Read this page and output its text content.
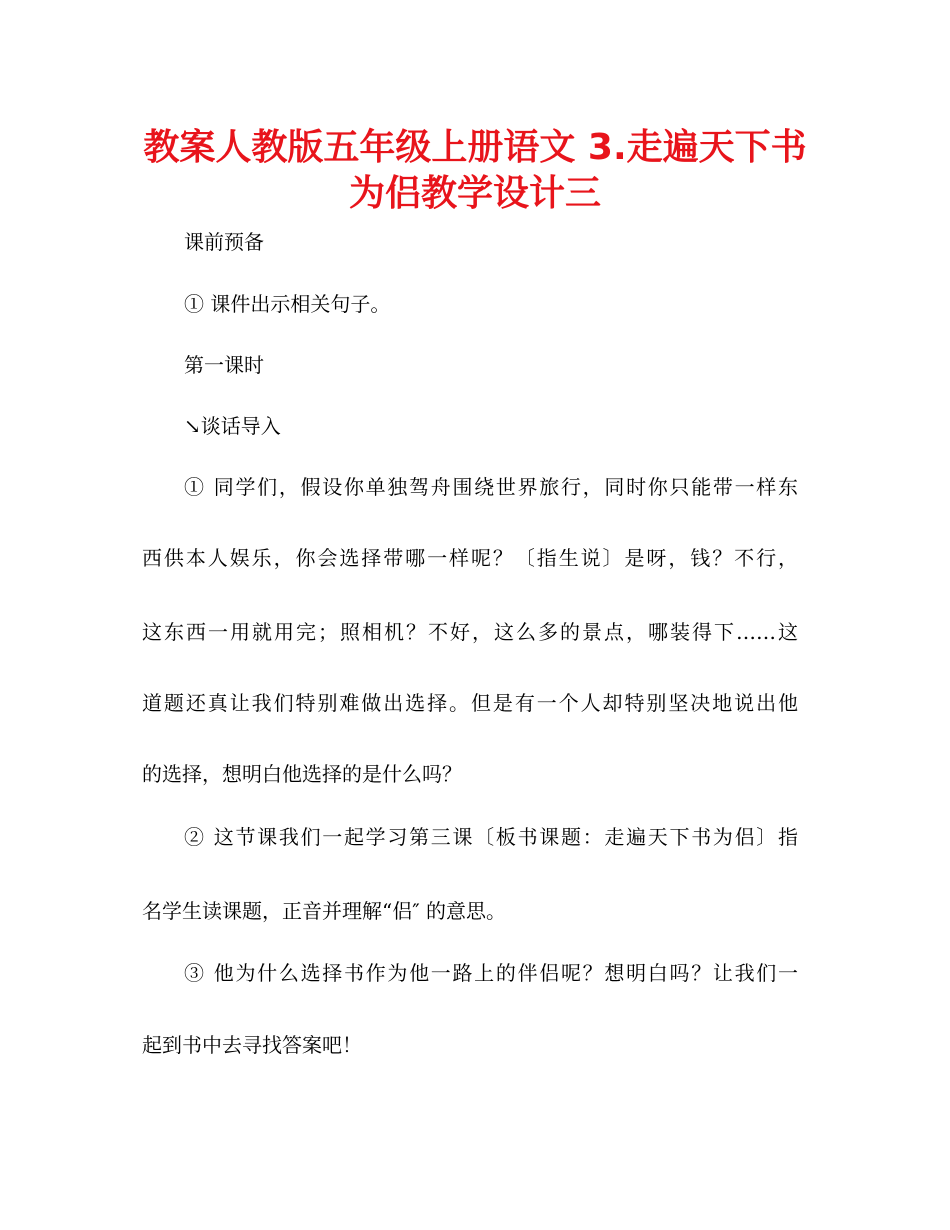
教案人教版五年级上册语文 3.走遍天下书
为侣教学设计三
课前预备
① 课件出示相关句子。
第一课时
↘谈话导入
① 同学们，假设你单独驾舟围绕世界旅行，同时你只能带一样东
西供本人娱乐，你会选择带哪一样呢？〔指生说〕是呀，钱？不行，
这东西一用就用完；照相机？不好，这么多的景点，哪装得下……这
道题还真让我们特别难做出选择。但是有一个人却特别坚决地说出他
的选择，想明白他选择的是什么吗？
② 这节课我们一起学习第三课〔板书课题：走遍天下书为侣〕指
名学生读课题，正音并理解“侣″ 的意思。
③ 他为什么选择书作为他一路上的伴侣呢？想明白吗？让我们一
起到书中去寻找答案吧！
